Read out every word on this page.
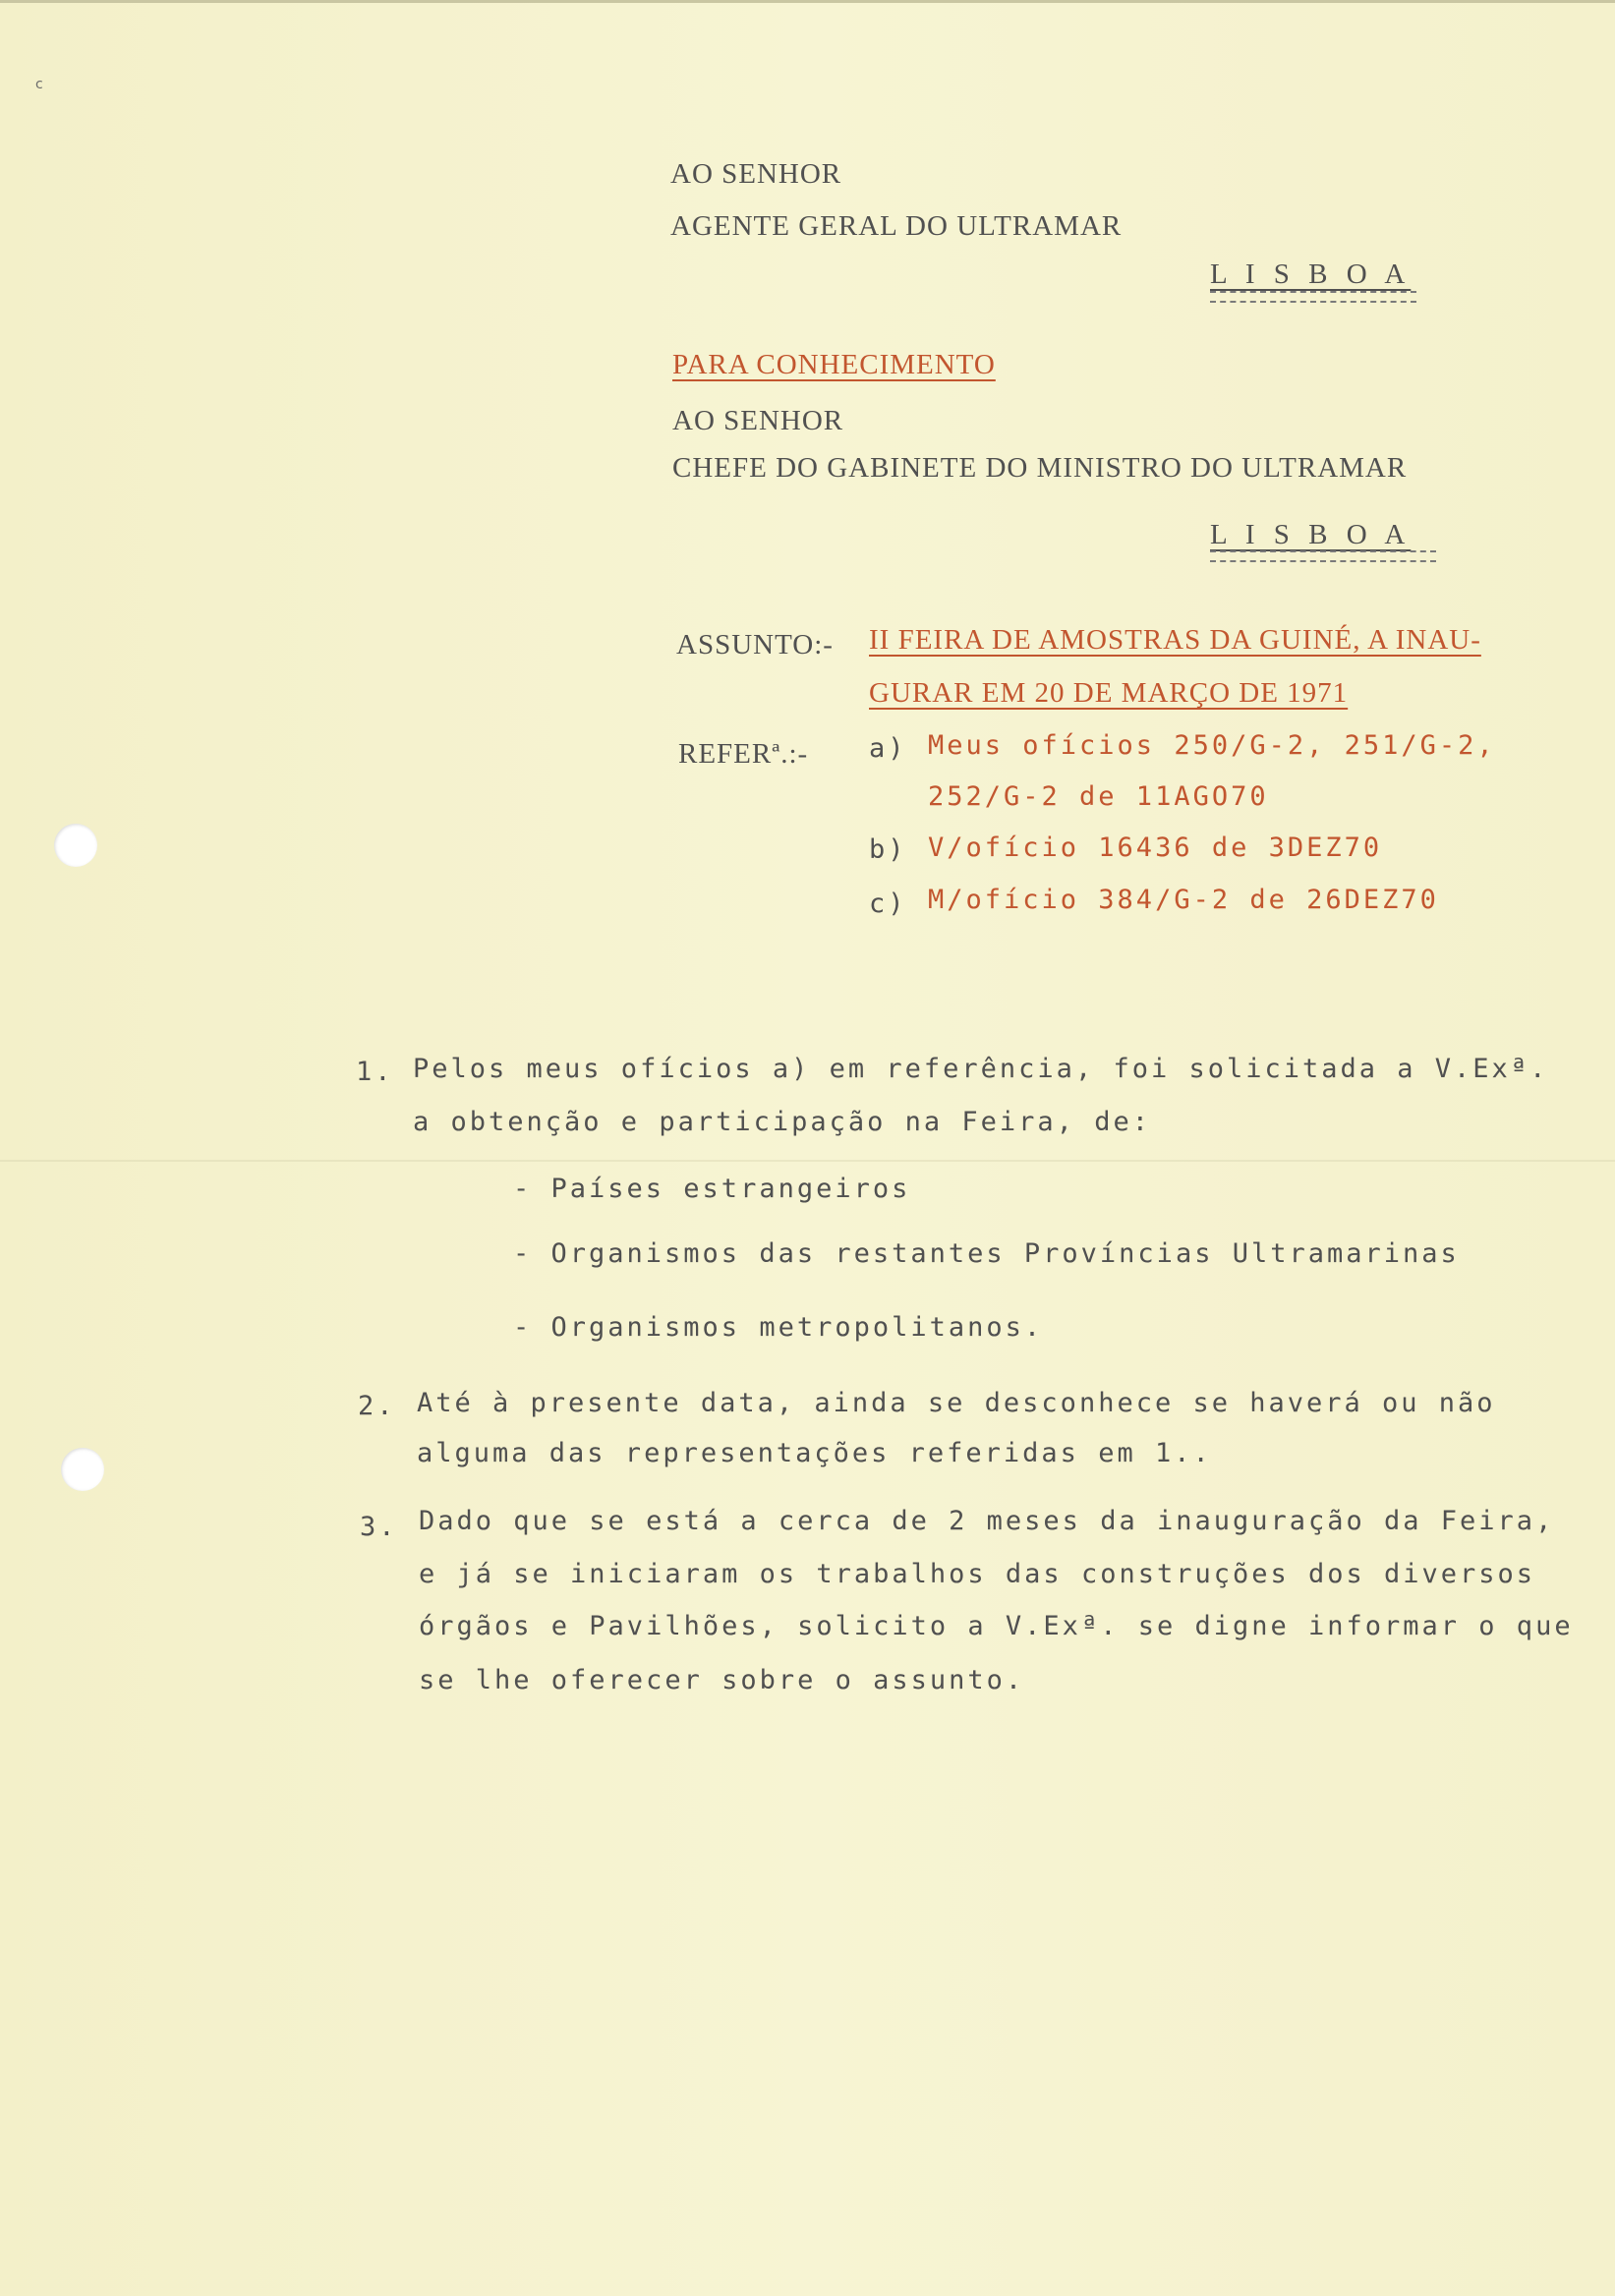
c
AO SENHOR
AGENTE GERAL DO ULTRAMAR
L I S B O A
PARA CONHECIMENTO
AO SENHOR
CHEFE DO GABINETE DO MINISTRO DO ULTRAMAR
L I S B O A
ASSUNTO:- II FEIRA DE AMOSTRAS DA GUINÉ, A INAU-
GURAR EM 20 DE MARÇO DE 1971
REFERª.:- a) Meus ofícios 250/G-2, 251/G-2,
252/G-2 de 11AGO70
b) V/ofício 16436 de 3DEZ70
c) M/ofício 384/G-2 de 26DEZ70
1. Pelos meus ofícios a) em referência, foi solicitada a V.Exª.
a obtenção e participação na Feira, de:
- Países estrangeiros
- Organismos das restantes Províncias Ultramarinas
- Organismos metropolitanos.
2. Até à presente data, ainda se desconhece se haverá ou não
alguma das representações referidas em 1..
3. Dado que se está a cerca de 2 meses da inauguração da Feira,
e já se iniciaram os trabalhos das construções dos diversos
órgãos e Pavilhões, solicito a V.Exª. se digne informar o que
se lhe oferecer sobre o assunto.
